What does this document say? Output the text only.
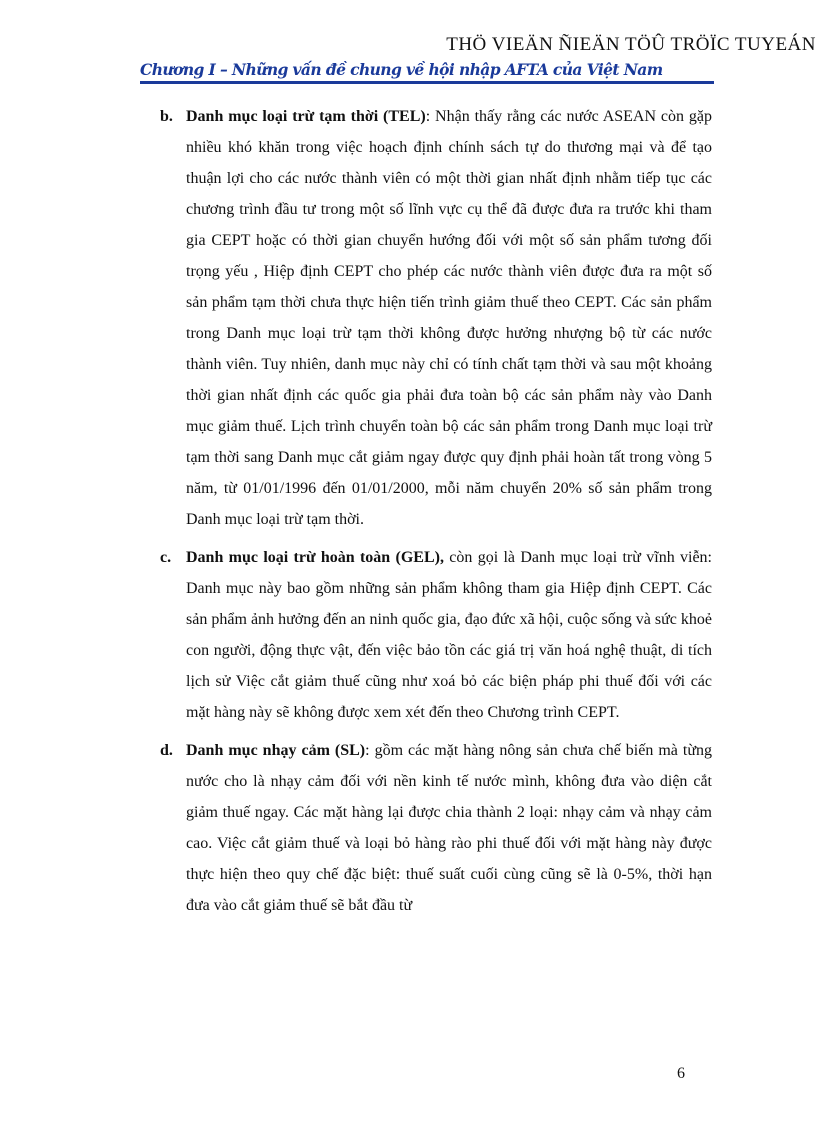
THÖ VIEÄN ÑIEÄN TÖÛ TRÖÏC TUYEÁN
Chương I – Những vấn đề chung về hội nhập AFTA của Việt Nam
b. Danh mục loại trừ tạm thời (TEL): Nhận thấy rằng các nước ASEAN còn gặp nhiều khó khăn trong việc hoạch định chính sách tự do thương mại và để tạo thuận lợi cho các nước thành viên có một thời gian nhất định nhằm tiếp tục các chương trình đầu tư trong một số lĩnh vực cụ thể đã được đưa ra trước khi tham gia CEPT hoặc có thời gian chuyển hướng đối với một số sản phẩm tương đối trọng yếu , Hiệp định CEPT cho phép các nước thành viên được đưa ra một số sản phẩm tạm thời chưa thực hiện tiến trình giảm thuế theo CEPT. Các sản phẩm trong Danh mục loại trừ tạm thời không được hưởng nhượng bộ từ các nước thành viên. Tuy nhiên, danh mục này chỉ có tính chất tạm thời và sau một khoảng thời gian nhất định các quốc gia phải đưa toàn bộ các sản phẩm này vào Danh mục giảm thuế. Lịch trình chuyển toàn bộ các sản phẩm trong Danh mục loại trừ tạm thời sang Danh mục cắt giảm ngay được quy định phải hoàn tất trong vòng 5 năm, từ 01/01/1996 đến 01/01/2000, mỗi năm chuyển 20% số sản phẩm trong Danh mục loại trừ tạm thời.
c. Danh mục loại trừ hoàn toàn (GEL), còn gọi là Danh mục loại trừ vĩnh viễn: Danh mục này bao gồm những sản phẩm không tham gia Hiệp định CEPT. Các sản phẩm ảnh hưởng đến an ninh quốc gia, đạo đức xã hội, cuộc sống và sức khoẻ con người, động thực vật, đến việc bảo tồn các giá trị văn hoá nghệ thuật, di tích lịch sử Việc cắt giảm thuế cũng như xoá bỏ các biện pháp phi thuế đối với các mặt hàng này sẽ không được xem xét đến theo Chương trình CEPT.
d. Danh mục nhạy cảm (SL): gồm các mặt hàng nông sản chưa chế biến mà từng nước cho là nhạy cảm đối với nền kinh tế nước mình, không đưa vào diện cắt giảm thuế ngay. Các mặt hàng lại được chia thành 2 loại: nhạy cảm và nhạy cảm cao. Việc cắt giảm thuế và loại bỏ hàng rào phi thuế đối với mặt hàng này được thực hiện theo quy chế đặc biệt: thuế suất cuối cùng cũng sẽ là 0-5%, thời hạn đưa vào cắt giảm thuế sẽ bắt đầu từ
6
